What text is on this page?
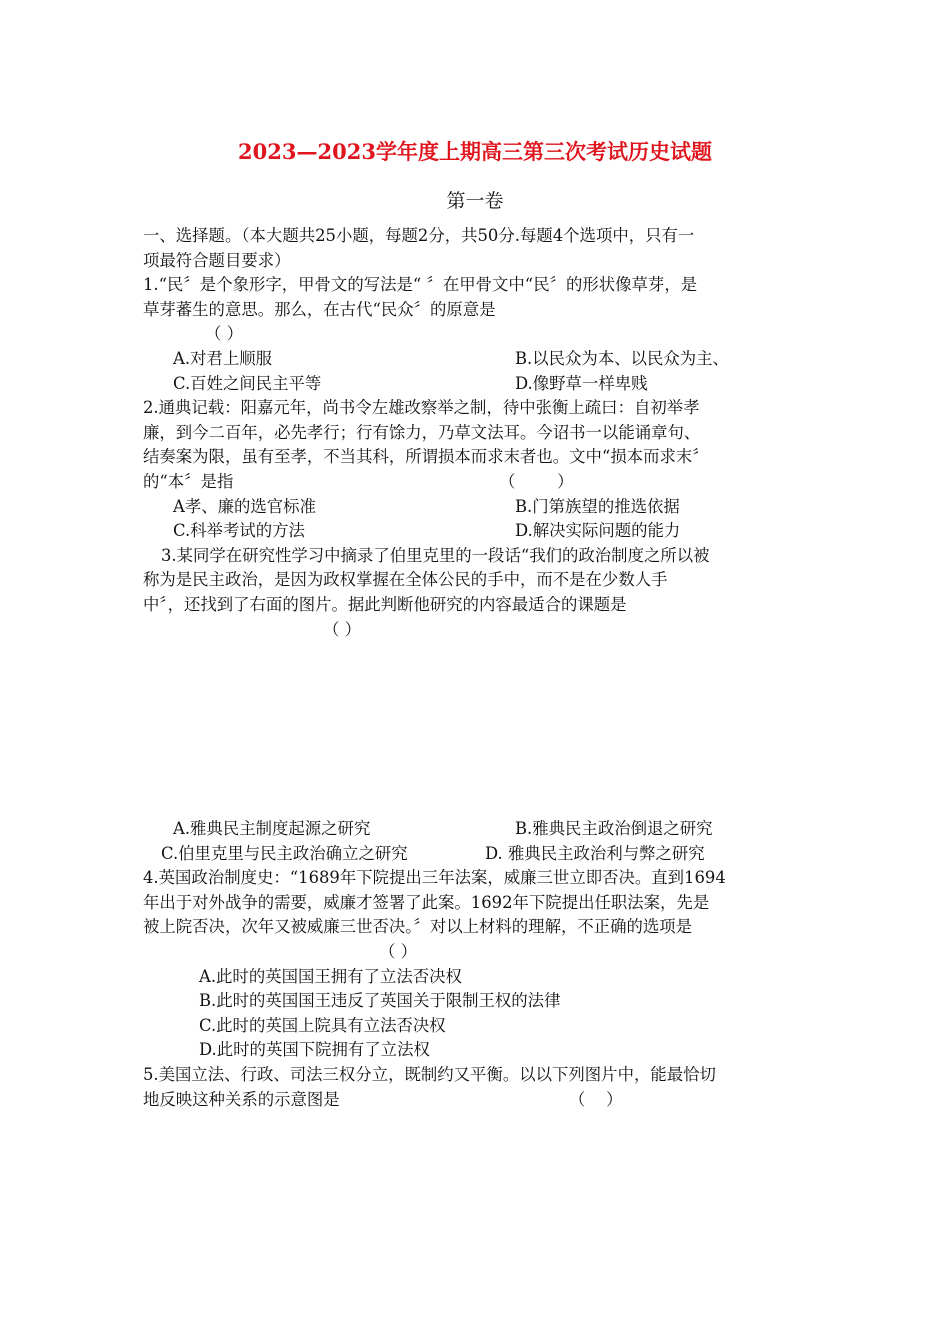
2023—2023学年度上期高三第三次考试历史试题
第一卷
一、选择题。（本大题共25小题，每题2分，共50分.每题4个选项中，只有一
项最符合题目要求）
1.“民〞是个象形字，甲骨文的写法是“ 〞在甲骨文中“民〞的形状像草芽，是
草芽蕃生的意思。那么，在古代“民众〞的原意是
（ ）
A.对君上顺服	B.以民众为本、以民众为主、
C.百姓之间民主平等	D.像野草一样卑贱
2.通典记载：阳嘉元年，尚书令左雄改察举之制，待中张衡上疏曰：自初举孝
廉，到今二百年，必先孝行；行有馀力，乃草文法耳。今诏书一以能诵章句、
结奏案为限，虽有至孝，不当其科，所谓损本而求末者也。文中“损本而求末〞
的“本〞是指                                                   （        ）
A孝、廉的选官标准	B.门第族望的推选依据
C.科举考试的方法	D.解决实际问题的能力
3.某同学在研究性学习中摘录了伯里克里的一段话“我们的政治制度之所以被
称为是民主政治，是因为政权掌握在全体公民的手中，而不是在少数人手
中〞，还找到了右面的图片。据此判断他研究的内容最适合的课题是
（ ）
A.雅典民主制度起源之研究	B.雅典民主政治倒退之研究
C.伯里克里与民主政治确立之研究	D. 雅典民主政治利与弊之研究
4.英国政治制度史：“1689年下院提出三年法案，威廉三世立即否决。直到1694
年出于对外战争的需要，威廉才签署了此案。1692年下院提出任职法案，先是
被上院否决，次年又被威廉三世否决。〞对以上材料的理解，不正确的选项是
（ ）
A.此时的英国国王拥有了立法否决权
B.此时的英国国王违反了英国关于限制王权的法律
C.此时的英国上院具有立法否决权
D.此时的英国下院拥有了立法权
5.美国立法、行政、司法三权分立，既制约又平衡。以以下列图片中，能最恰切
地反映这种关系的示意图是                                            （    ）
